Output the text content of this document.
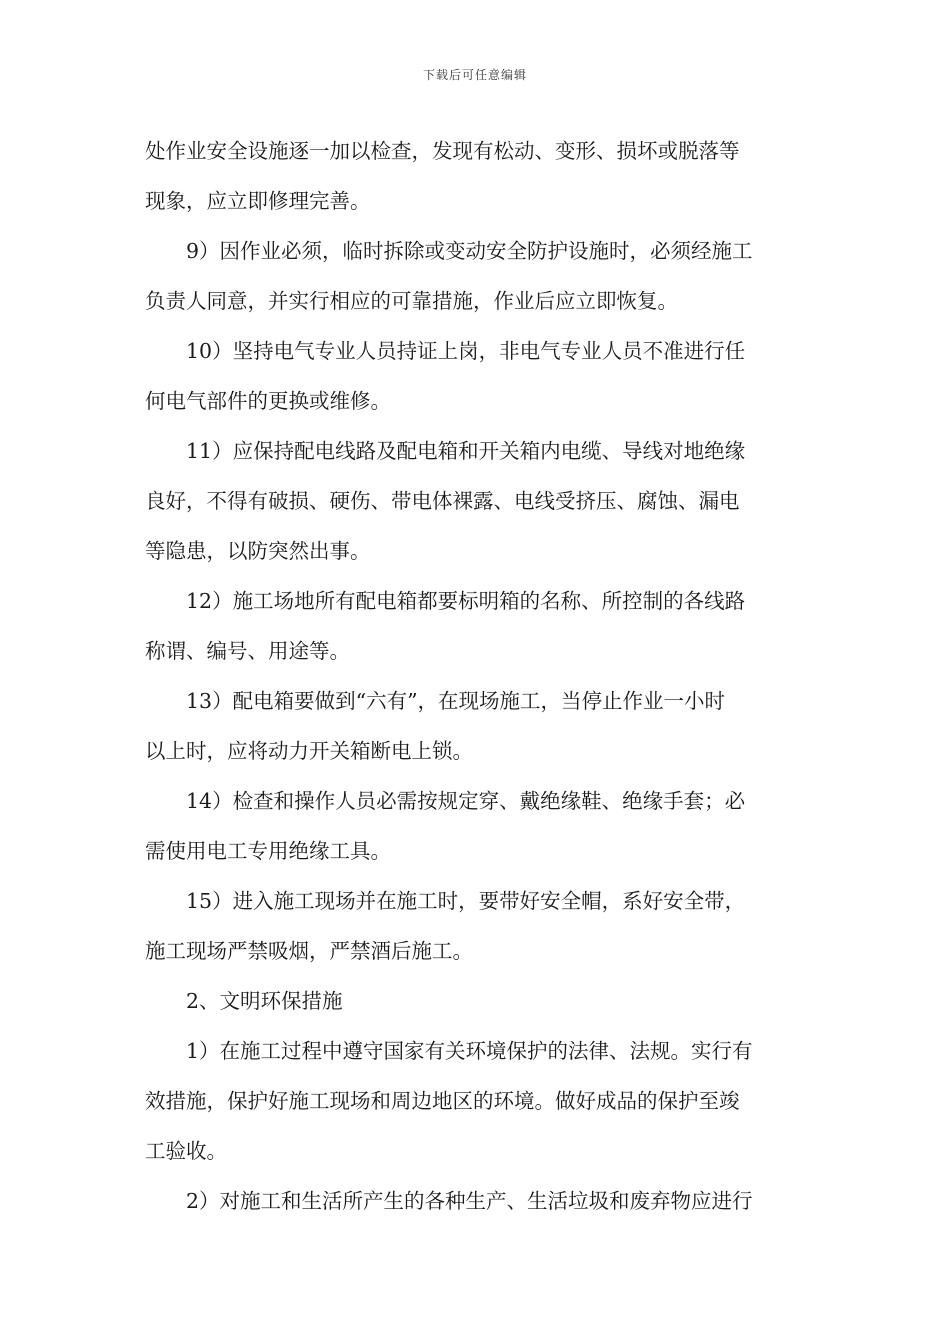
下载后可任意编辑

处作业安全设施逐一加以检查，发现有松动、变形、损坏或脱落等
现象，应立即修理完善。

9）因作业必须，临时拆除或变动安全防护设施时，必须经施工
负责人同意，并实行相应的可靠措施，作业后应立即恢复。

10）坚持电气专业人员持证上岗，非电气专业人员不准进行任
何电气部件的更换或维修。

11）应保持配电线路及配电箱和开关箱内电缆、导线对地绝缘
良好，不得有破损、硬伤、带电体裸露、电线受挤压、腐蚀、漏电
等隐患，以防突然出事。

12）施工场地所有配电箱都要标明箱的名称、所控制的各线路
称谓、编号、用途等。

13）配电箱要做到“六有”，在现场施工，当停止作业一小时
以上时，应将动力开关箱断电上锁。

14）检查和操作人员必需按规定穿、戴绝缘鞋、绝缘手套；必
需使用电工专用绝缘工具。

15）进入施工现场并在施工时，要带好安全帽，系好安全带，
施工现场严禁吸烟，严禁酒后施工。

2、文明环保措施

1）在施工过程中遵守国家有关环境保护的法律、法规。实行有
效措施，保护好施工现场和周边地区的环境。做好成品的保护至竣
工验收。

2）对施工和生活所产生的各种生产、生活垃圾和废弃物应进行
